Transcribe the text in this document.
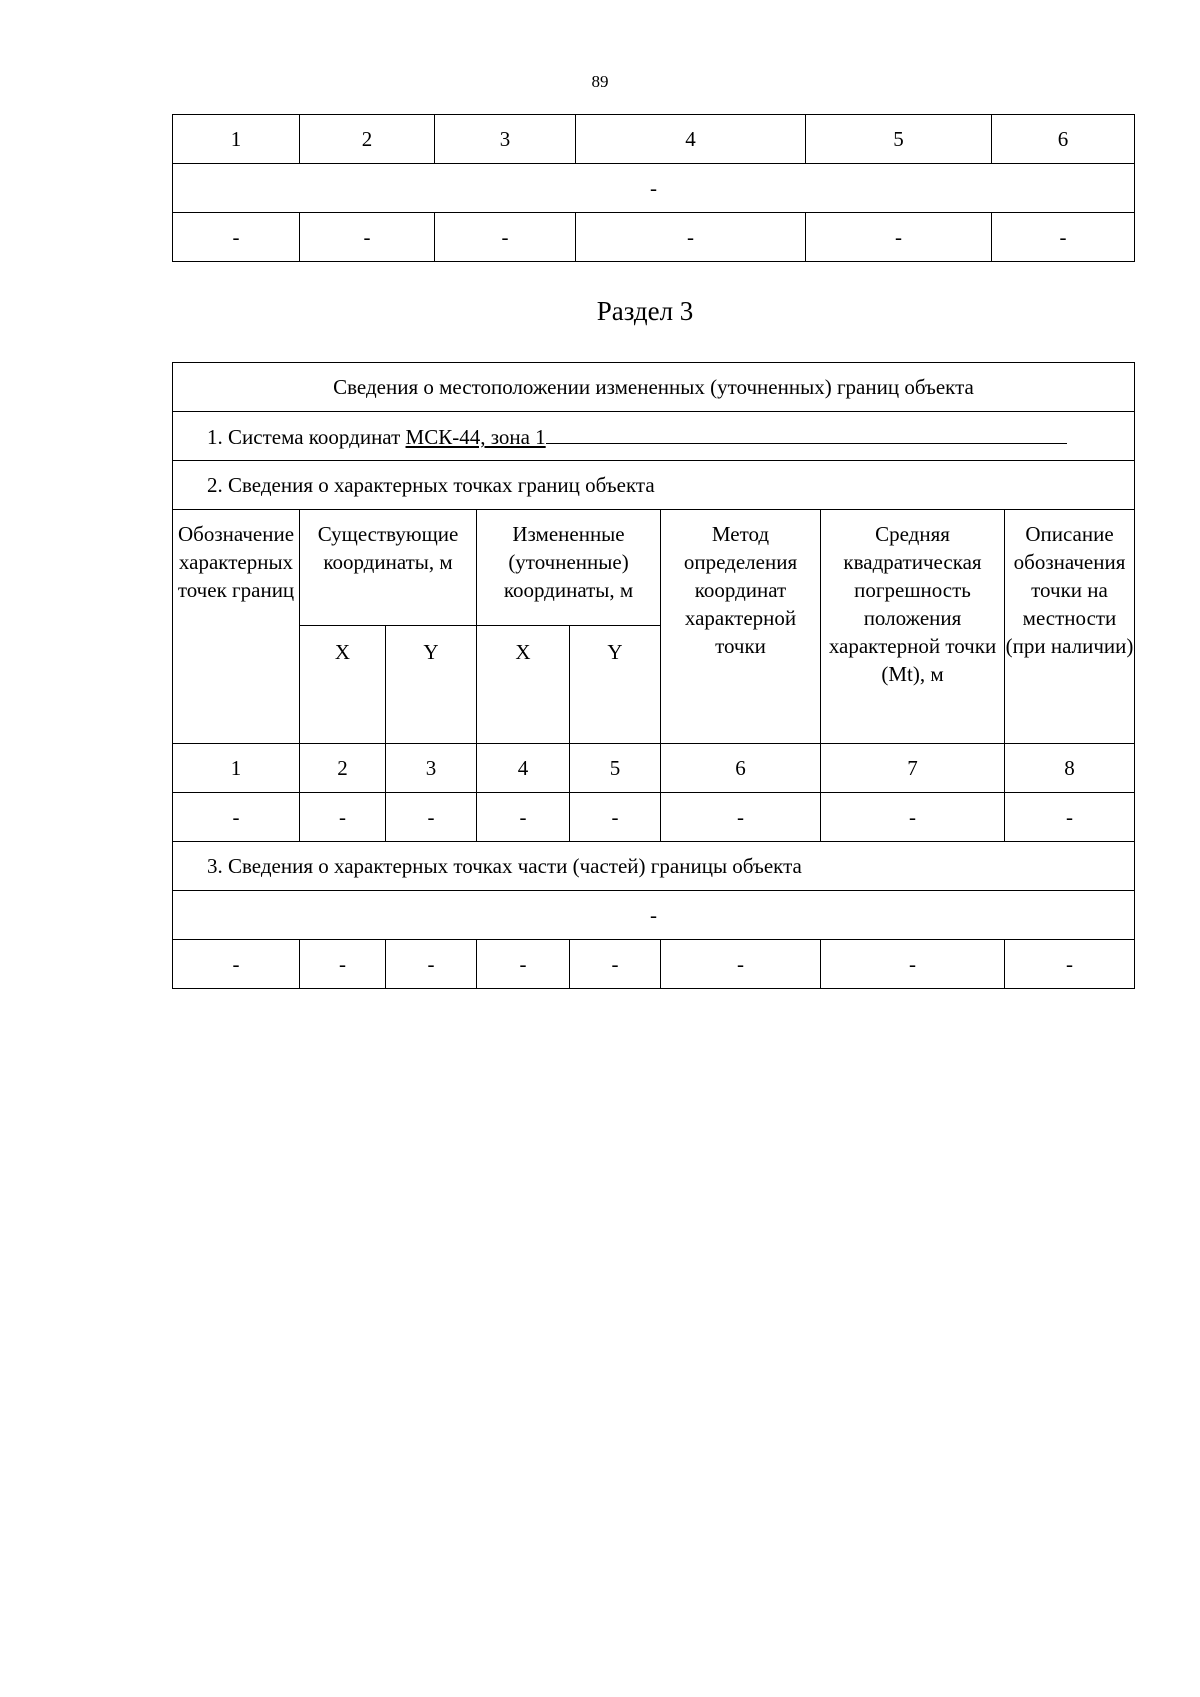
89
1	2	3	4	5	6
-					
-	-	-	-	-	-
Раздел 3
Сведения о местоположении измененных (уточненных) границ объекта							
1. Система координат МСК-44, зона 1							
2. Сведения о характерных точках границ объекта							
Обозначение характерных точек границ	Существующие координаты, м		Измененные (уточненные) координаты, м		Метод определения координат характерной точки	Средняя квадратическая погрешность положения характерной точки (Mt), м	Описание обозначения точки на местности (при наличии)
	X	Y	X	Y			
1	2	3	4	5	6	7	8
-	-	-	-	-	-	-	-
3. Сведения о характерных точках части (частей) границы объекта							
-							
-	-	-	-	-	-	-	-
